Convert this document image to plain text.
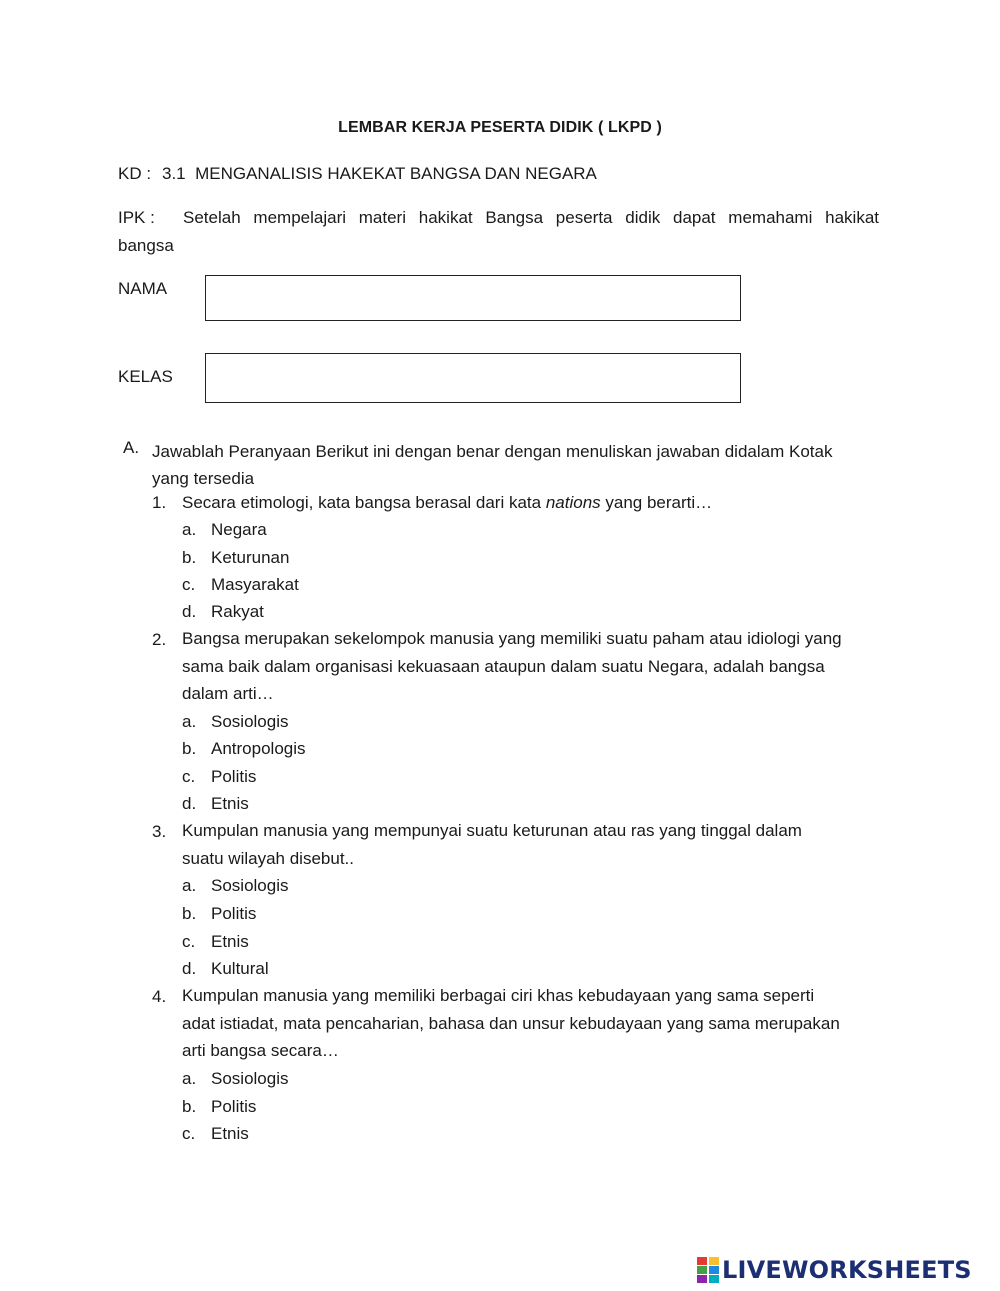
LEMBAR KERJA PESERTA DIDIK ( LKPD )
KD : 3.1  MENGANALISIS HAKEKAT BANGSA DAN NEGARA
IPK : Setelah mempelajari materi hakikat Bangsa peserta didik dapat memahami hakikat
bangsa
NAMA
KELAS
A. Jawablah Peranyaan Berikut ini dengan benar dengan menuliskan jawaban didalam Kotak
yang tersedia
1. Secara etimologi, kata bangsa berasal dari kata nations yang berarti…
a. Negara
b. Keturunan
c. Masyarakat
d. Rakyat
2. Bangsa merupakan sekelompok manusia yang memiliki suatu paham atau idiologi yang
sama baik dalam organisasi kekuasaan ataupun dalam suatu Negara, adalah bangsa
dalam arti…
a. Sosiologis
b. Antropologis
c. Politis
d. Etnis
3. Kumpulan manusia yang mempunyai suatu keturunan atau ras yang tinggal dalam
suatu wilayah disebut..
a. Sosiologis
b. Politis
c. Etnis
d. Kultural
4. Kumpulan manusia yang memiliki berbagai ciri khas kebudayaan yang sama seperti
adat istiadat, mata pencaharian, bahasa dan unsur kebudayaan yang sama merupakan
arti bangsa secara…
a. Sosiologis
b. Politis
c. Etnis
LIVEWORKSHEETS
